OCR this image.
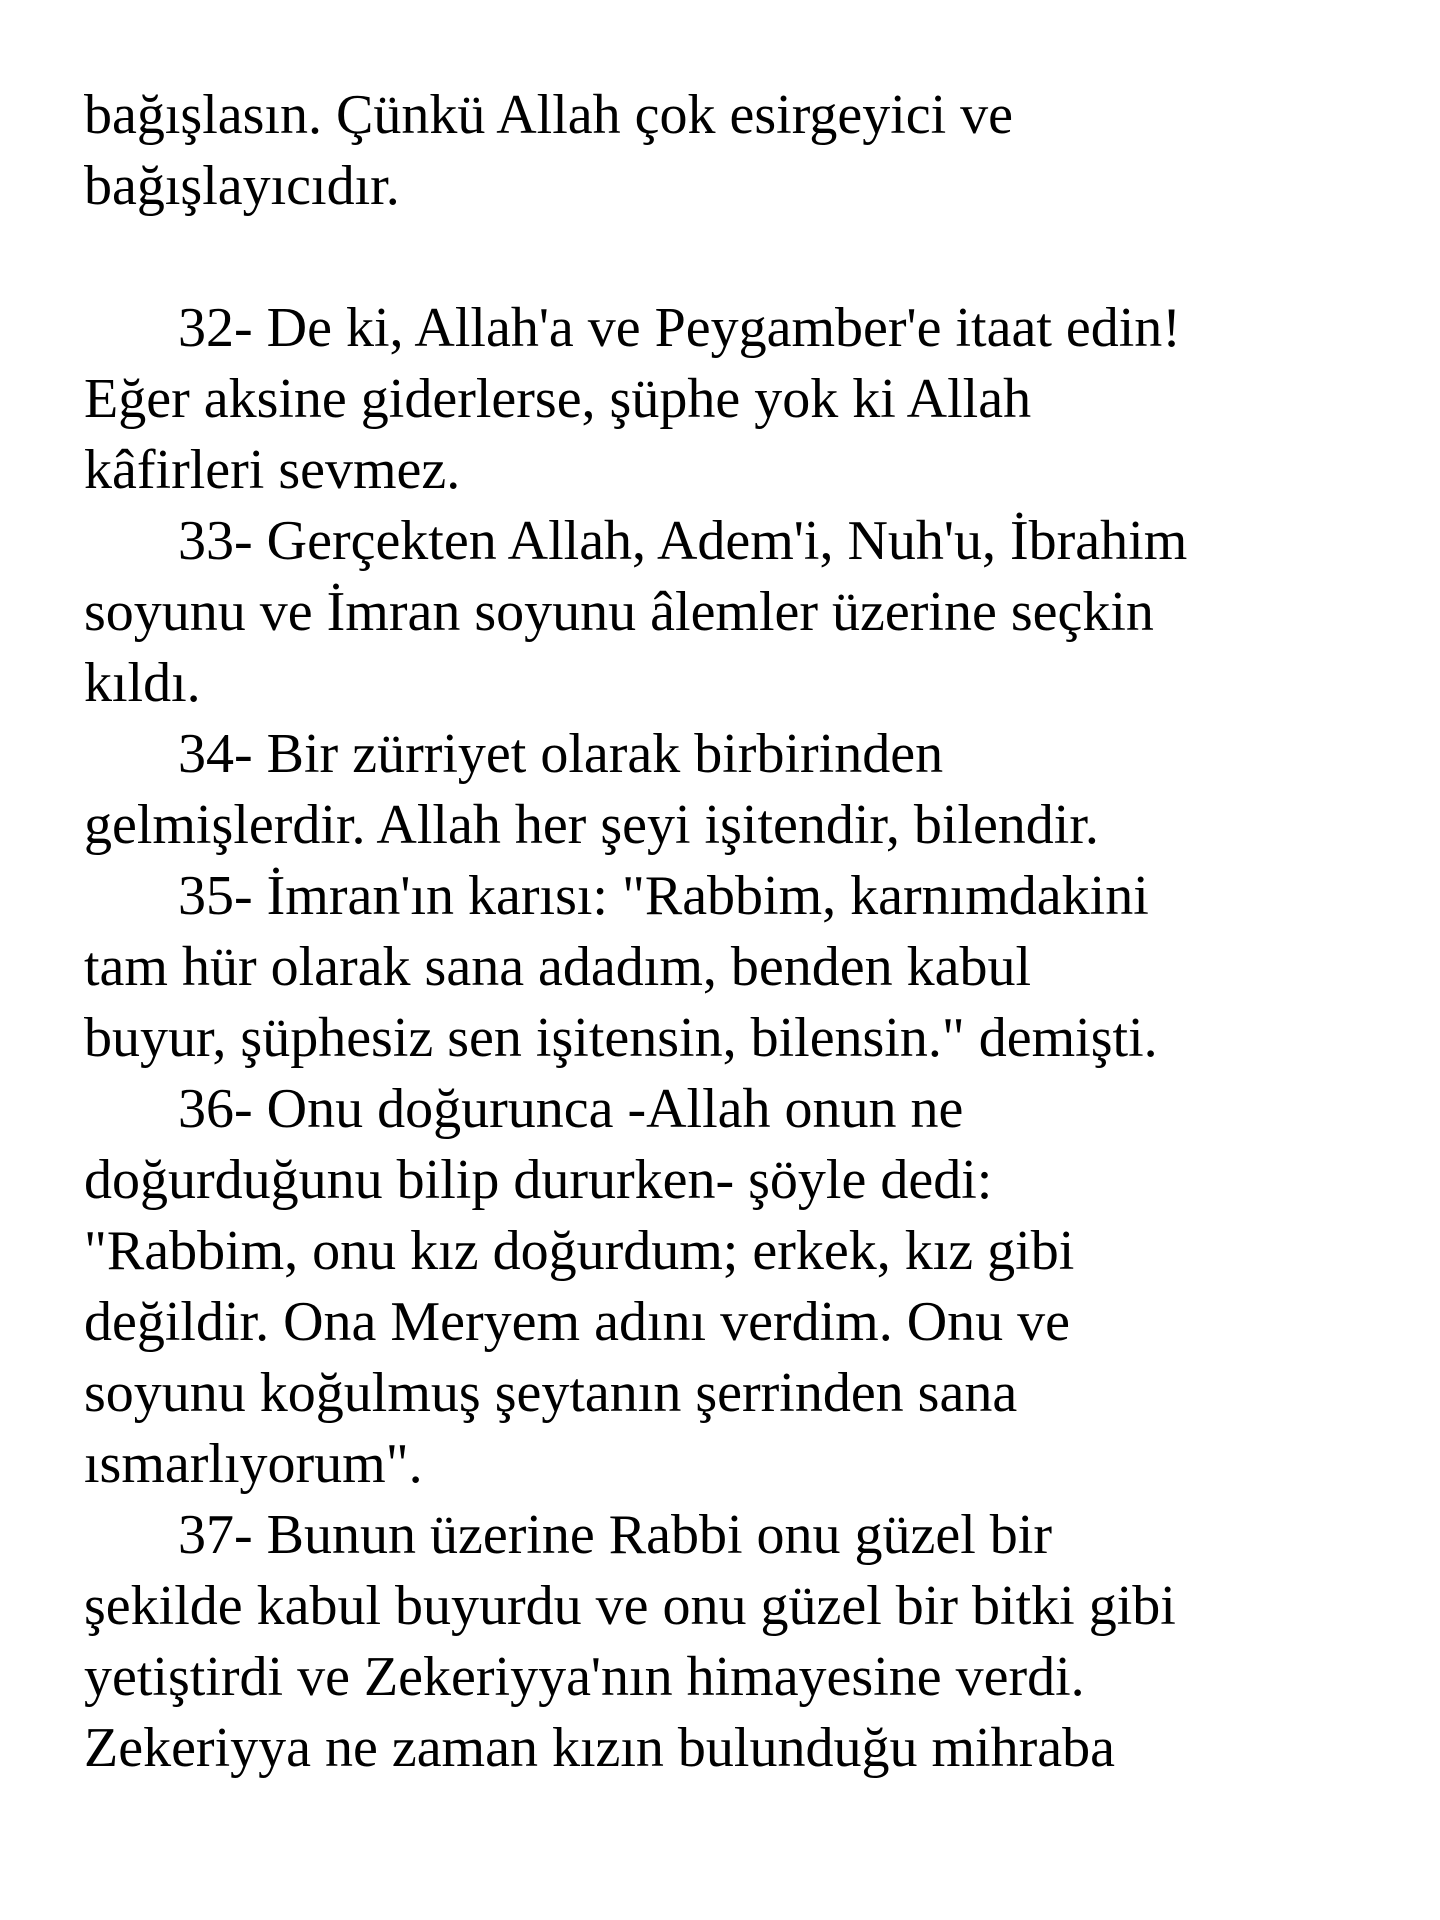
bağışlasın. Çünkü Allah çok esirgeyici ve
bağışlayıcıdır.
32- De ki, Allah'a ve Peygamber'e itaat edin!
Eğer aksine giderlerse, şüphe yok ki Allah
kâfirleri sevmez.
33- Gerçekten Allah, Adem'i, Nuh'u, İbrahim
soyunu ve İmran soyunu âlemler üzerine seçkin
kıldı.
34- Bir zürriyet olarak birbirinden
gelmişlerdir. Allah her şeyi işitendir, bilendir.
35- İmran'ın karısı: "Rabbim, karnımdakini
tam hür olarak sana adadım, benden kabul
buyur, şüphesiz sen işitensin, bilensin." demişti.
36- Onu doğurunca -Allah onun ne
doğurduğunu bilip dururken- şöyle dedi:
"Rabbim, onu kız doğurdum; erkek, kız gibi
değildir. Ona Meryem adını verdim. Onu ve
soyunu koğulmuş şeytanın şerrinden sana
ısmarlıyorum".
37- Bunun üzerine Rabbi onu güzel bir
şekilde kabul buyurdu ve onu güzel bir bitki gibi
yetiştirdi ve Zekeriyya'nın himayesine verdi.
Zekeriyya ne zaman kızın bulunduğu mihraba
